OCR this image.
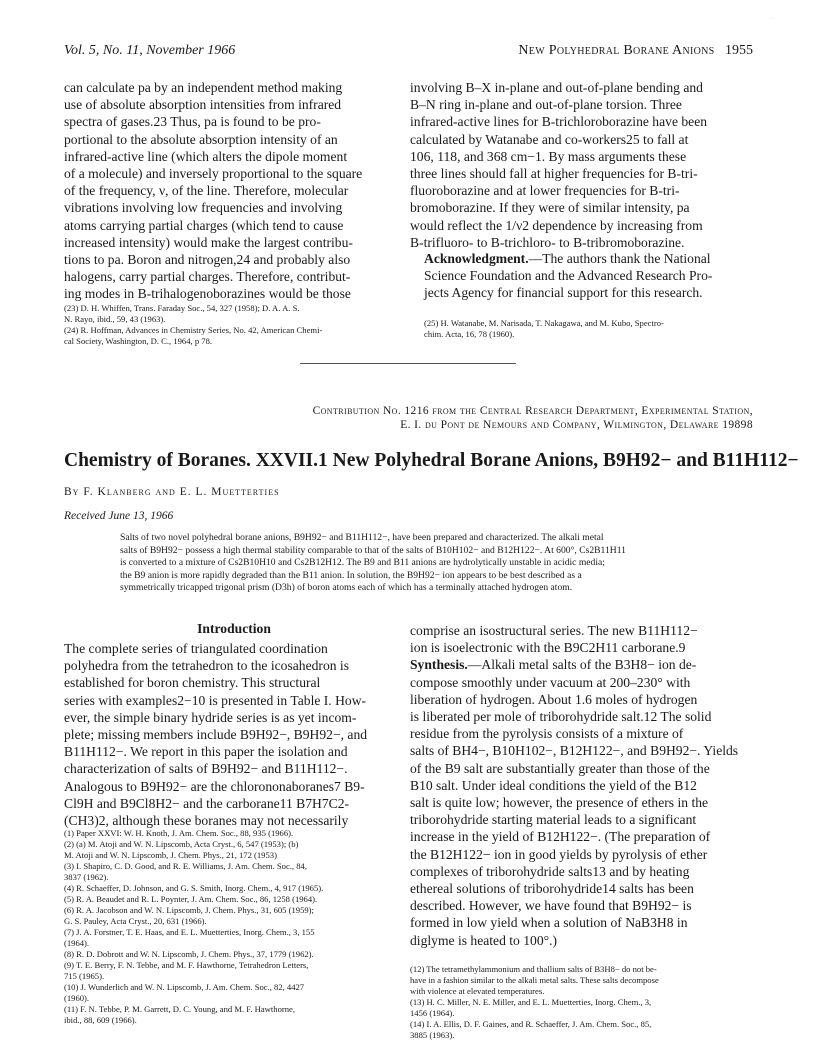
Vol. 5, No. 11, November 1966	New Polyhedral Borane Anions 1955
·
can calculate pa by an independent method making
use of absolute absorption intensities from infrared
spectra of gases.23 Thus, pa is found to be pro-
portional to the absolute absorption intensity of an
infrared-active line (which alters the dipole moment
of a molecule) and inversely proportional to the square
of the frequency, ν, of the line. Therefore, molecular
vibrations involving low frequencies and involving
atoms carrying partial charges (which tend to cause
increased intensity) would make the largest contribu-
tions to pa. Boron and nitrogen,24 and probably also
halogens, carry partial charges. Therefore, contribut-
ing modes in B-trihalogenoborazines would be those
(23) D. H. Whiffen, Trans. Faraday Soc., 54, 327 (1958); D. A. A. S.
N. Rayo, ibid., 59, 43 (1963).
(24) R. Hoffman, Advances in Chemistry Series, No. 42, American Chemi-
cal Society, Washington, D. C., 1964, p 78.
involving B–X in-plane and out-of-plane bending and
B–N ring in-plane and out-of-plane torsion. Three
infrared-active lines for B-trichloroborazine have been
calculated by Watanabe and co-workers25 to fall at
106, 118, and 368 cm−1. By mass arguments these
three lines should fall at higher frequencies for B-tri-
fluoroborazine and at lower frequencies for B-tri-
bromoborazine. If they were of similar intensity, pa
would reflect the 1/ν2 dependence by increasing from
B-trifluoro- to B-trichloro- to B-tribromoborazine.
Acknowledgment.—The authors thank the National
Science Foundation and the Advanced Research Pro-
jects Agency for financial support for this research.
(25) H. Watanabe, M. Narisada, T. Nakagawa, and M. Kubo, Spectro-
chim. Acta, 16, 78 (1960).
Contribution No. 1216 from the Central Research Department, Experimental Station,
E. I. du Pont de Nemours and Company, Wilmington, Delaware 19898
Chemistry of Boranes. XXVII.1 New Polyhedral Borane Anions, B9H92− and B11H112−
By F. Klanberg and E. L. Muetterties
Received June 13, 1966
Salts of two novel polyhedral borane anions, B9H92− and B11H112−, have been prepared and characterized. The alkali metal
salts of B9H92− possess a high thermal stability comparable to that of the salts of B10H102− and B12H122−. At 600°, Cs2B11H11
is converted to a mixture of Cs2B10H10 and Cs2B12H12. The B9 and B11 anions are hydrolytically unstable in acidic media;
the B9 anion is more rapidly degraded than the B11 anion. In solution, the B9H92− ion appears to be best described as a
symmetrically tricapped trigonal prism (D3h) of boron atoms each of which has a terminally attached hydrogen atom.
Introduction
The complete series of triangulated coordination
polyhedra from the tetrahedron to the icosahedron is
established for boron chemistry. This structural
series with examples2−10 is presented in Table I. How-
ever, the simple binary hydride series is as yet incom-
plete; missing members include B9H92−, B9H92−, and
B11H112−. We report in this paper the isolation and
characterization of salts of B9H92− and B11H112−.
Analogous to B9H92− are the chlorononaboranes7 B9-
Cl9H and B9Cl8H2− and the carborane11 B7H7C2-
(CH3)2, although these boranes may not necessarily
(1) Paper XXVI: W. H. Knoth, J. Am. Chem. Soc., 88, 935 (1966).
(2) (a) M. Atoji and W. N. Lipscomb, Acta Cryst., 6, 547 (1953); (b)
M. Atoji and W. N. Lipscomb, J. Chem. Phys., 21, 172 (1953)
(3) I. Shapiro, C. D. Good, and R. E. Williams, J. Am. Chem. Soc., 84,
3837 (1962).
(4) R. Schaeffer, D. Johnson, and G. S. Smith, Inorg. Chem., 4, 917 (1965).
(5) R. A. Beaudet and R. L. Poynter, J. Am. Chem. Soc., 86, 1258 (1964).
(6) R. A. Jacobson and W. N. Lipscomb, J. Chem. Phys., 31, 605 (1959);
G. S. Pauley, Acta Cryst., 20, 631 (1966).
(7) J. A. Forstner, T. E. Haas, and E. L. Muetterties, Inorg. Chem., 3, 155
(1964).
(8) R. D. Dobrott and W. N. Lipscomb, J. Chem. Phys., 37, 1779 (1962).
(9) T. E. Berry, F. N. Tebbe, and M. F. Hawthorne, Tetrahedron Letters,
715 (1965).
(10) J. Wunderlich and W. N. Lipscomb, J. Am. Chem. Soc., 82, 4427
(1960).
(11) F. N. Tebbe, P. M. Garrett, D. C. Young, and M. F. Hawthorne,
ibid., 88, 609 (1966).
comprise an isostructural series. The new B11H112−
ion is isoelectronic with the B9C2H11 carborane.9
Synthesis.—Alkali metal salts of the B3H8− ion de-
compose smoothly under vacuum at 200–230° with
liberation of hydrogen. About 1.6 moles of hydrogen
is liberated per mole of triborohydride salt.12 The solid
residue from the pyrolysis consists of a mixture of
salts of BH4−, B10H102−, B12H122−, and B9H92−. Yields
of the B9 salt are substantially greater than those of the
B10 salt. Under ideal conditions the yield of the B12
salt is quite low; however, the presence of ethers in the
triborohydride starting material leads to a significant
increase in the yield of B12H122−. (The preparation of
the B12H122− ion in good yields by pyrolysis of ether
complexes of triborohydride salts13 and by heating
ethereal solutions of triborohydride14 salts has been
described. However, we have found that B9H92− is
formed in low yield when a solution of NaB3H8 in
diglyme is heated to 100°.)
(12) The tetramethylammonium and thallium salts of B3H8− do not be-
have in a fashion similar to the alkali metal salts. These salts decompose
with violence at elevated temperatures.
(13) H. C. Miller, N. E. Miller, and E. L. Muetterties, Inorg. Chem., 3,
1456 (1964).
(14) I. A. Ellis, D. F. Gaines, and R. Schaeffer, J. Am. Chem. Soc., 85,
3885 (1963).
